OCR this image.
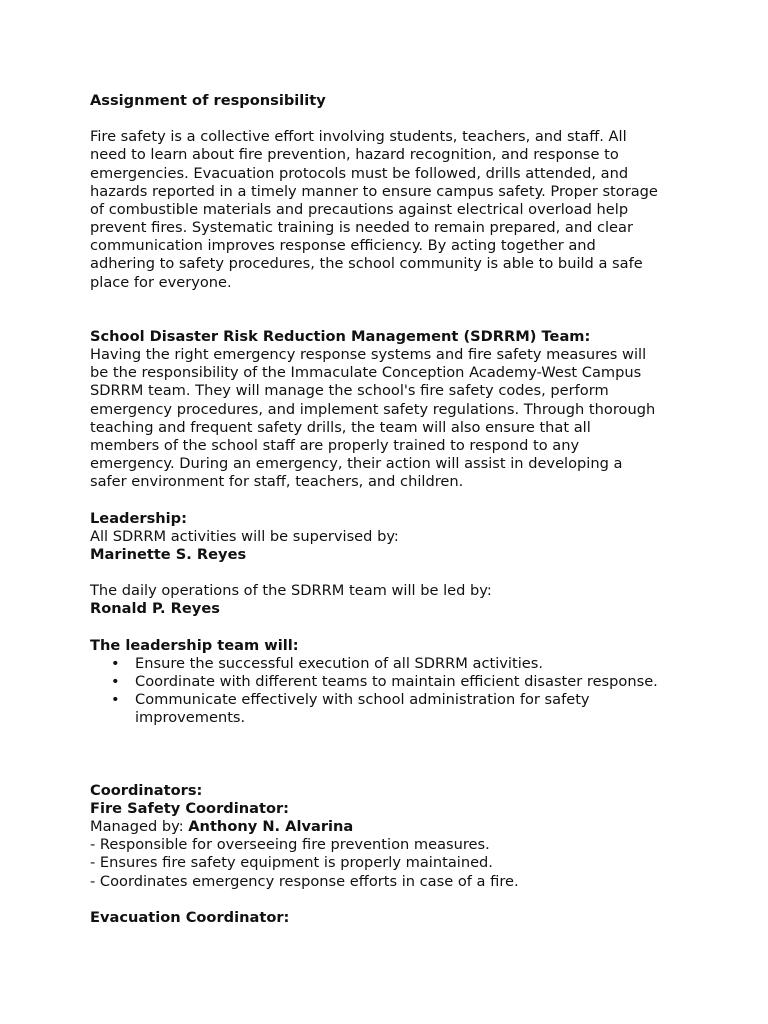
Assignment of responsibility

Fire safety is a collective effort involving students, teachers, and staff. All
need to learn about fire prevention, hazard recognition, and response to
emergencies. Evacuation protocols must be followed, drills attended, and
hazards reported in a timely manner to ensure campus safety. Proper storage
of combustible materials and precautions against electrical overload help
prevent fires. Systematic training is needed to remain prepared, and clear
communication improves response efficiency. By acting together and
adhering to safety procedures, the school community is able to build a safe
place for everyone.

School Disaster Risk Reduction Management (SDRRM) Team:

Having the right emergency response systems and fire safety measures will
be the responsibility of the Immaculate Conception Academy-West Campus
SDRRM team. They will manage the school's fire safety codes, perform
emergency procedures, and implement safety regulations. Through thorough
teaching and frequent safety drills, the team will also ensure that all
members of the school staff are properly trained to respond to any
emergency. During an emergency, their action will assist in developing a
safer environment for staff, teachers, and children.

Leadership:

All SDRRM activities will be supervised by:

Marinette S. Reyes

The daily operations of the SDRRM team will be led by:

Ronald P. Reyes

The leadership team will:
• Ensure the successful execution of all SDRRM activities.
• Coordinate with different teams to maintain efficient disaster response.
• Communicate effectively with school administration for safety
improvements.
Coordinators:
Fire Safety Coordinator:

Managed by: Anthony N. Alvarina

- Responsible for overseeing fire prevention measures.

- Ensures fire safety equipment is properly maintained.

- Coordinates emergency response efforts in case of a fire.

Evacuation Coordinator:
